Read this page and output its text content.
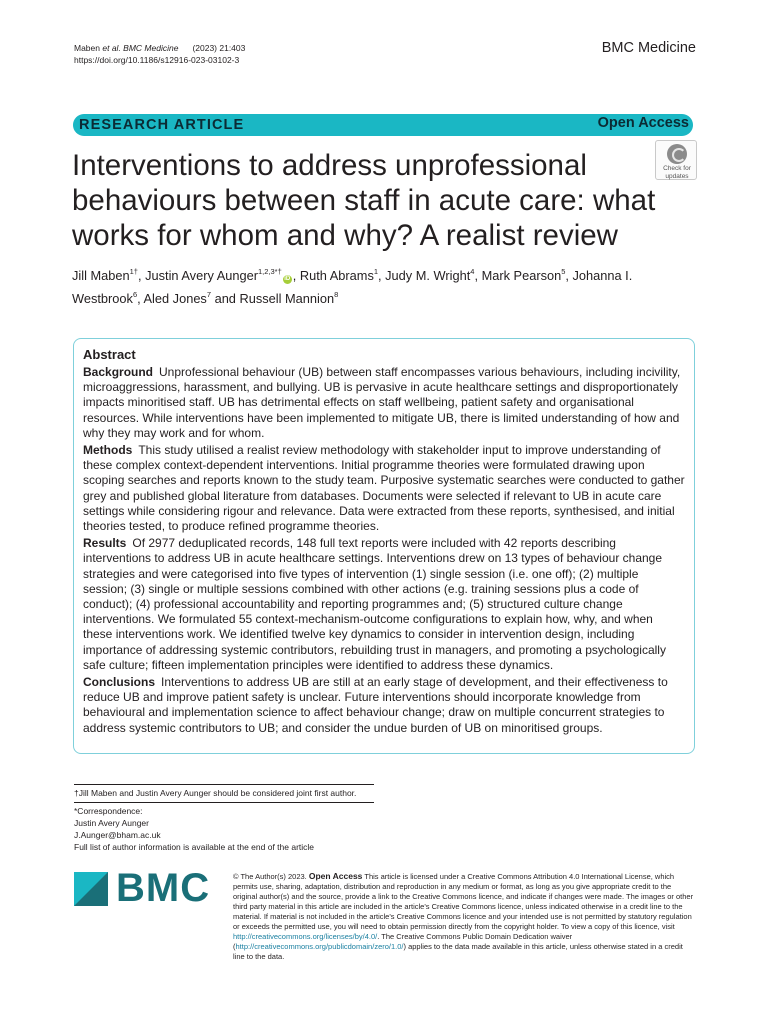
Maben et al. BMC Medicine (2023) 21:403
https://doi.org/10.1186/s12916-023-03102-3
BMC Medicine
RESEARCH ARTICLE	Open Access
Interventions to address unprofessional behaviours between staff in acute care: what works for whom and why? A realist review
Check for
updates
Jill Maben$^{1\dagger}$, Justin Avery Aunger$^{1,2,3*\dagger}$iD , Ruth Abrams$^1$, Judy M. Wright$^4$, Mark Pearson$^5$, Johanna I. Westbrook$^6$, Aled Jones$^7$ and Russell Mannion$^8$
Abstract
Background Unprofessional behaviour (UB) between staff encompasses various behaviours, including incivility, microaggressions, harassment, and bullying. UB is pervasive in acute healthcare settings and disproportionately impacts minoritised staff. UB has detrimental effects on staff wellbeing, patient safety and organisational resources. While interventions have been implemented to mitigate UB, there is limited understanding of how and why they may work and for whom.
Methods This study utilised a realist review methodology with stakeholder input to improve understanding of these complex context-dependent interventions. Initial programme theories were formulated drawing upon scoping searches and reports known to the study team. Purposive systematic searches were conducted to gather grey and published global literature from databases. Documents were selected if relevant to UB in acute care settings while considering rigour and relevance. Data were extracted from these reports, synthesised, and initial theories tested, to produce refined programme theories.
Results Of 2977 deduplicated records, 148 full text reports were included with 42 reports describing interventions to address UB in acute healthcare settings. Interventions drew on 13 types of behaviour change strategies and were categorised into five types of intervention (1) single session (i.e. one off); (2) multiple session; (3) single or multiple sessions combined with other actions (e.g. training sessions plus a code of conduct); (4) professional accountability and reporting programmes and; (5) structured culture change interventions. We formulated 55 context-mechanism-outcome configurations to explain how, why, and when these interventions work. We identified twelve key dynamics to consider in intervention design, including importance of addressing systemic contributors, rebuilding trust in managers, and promoting a psychologically safe culture; fifteen implementation principles were identified to address these dynamics.
Conclusions Interventions to address UB are still at an early stage of development, and their effectiveness to reduce UB and improve patient safety is unclear. Future interventions should incorporate knowledge from behavioural and implementation science to affect behaviour change; draw on multiple concurrent strategies to address systemic contributors to UB; and consider the undue burden of UB on minoritised groups.
†Jill Maben and Justin Avery Aunger should be considered joint first author.
*Correspondence:
Justin Avery Aunger
J.Aunger@bham.ac.uk
Full list of author information is available at the end of the article
BMC	© The Author(s) 2023. Open Access This article is licensed under a Creative Commons Attribution 4.0 International License, which permits use, sharing, adaptation, distribution and reproduction in any medium or format, as long as you give appropriate credit to the original author(s) and the source, provide a link to the Creative Commons licence, and indicate if changes were made. The images or other third party material in this article are included in the article's Creative Commons licence, unless indicated otherwise in a credit line to the material. If material is not included in the article's Creative Commons licence and your intended use is not permitted by statutory regulation or exceeds the permitted use, you will need to obtain permission directly from the copyright holder. To view a copy of this licence, visit http://creativecommons.org/licenses/by/4.0/. The Creative Commons Public Domain Dedication waiver (http://creativecommons.org/publicdomain/zero/1.0/) applies to the data made available in this article, unless otherwise stated in a credit line to the data.
